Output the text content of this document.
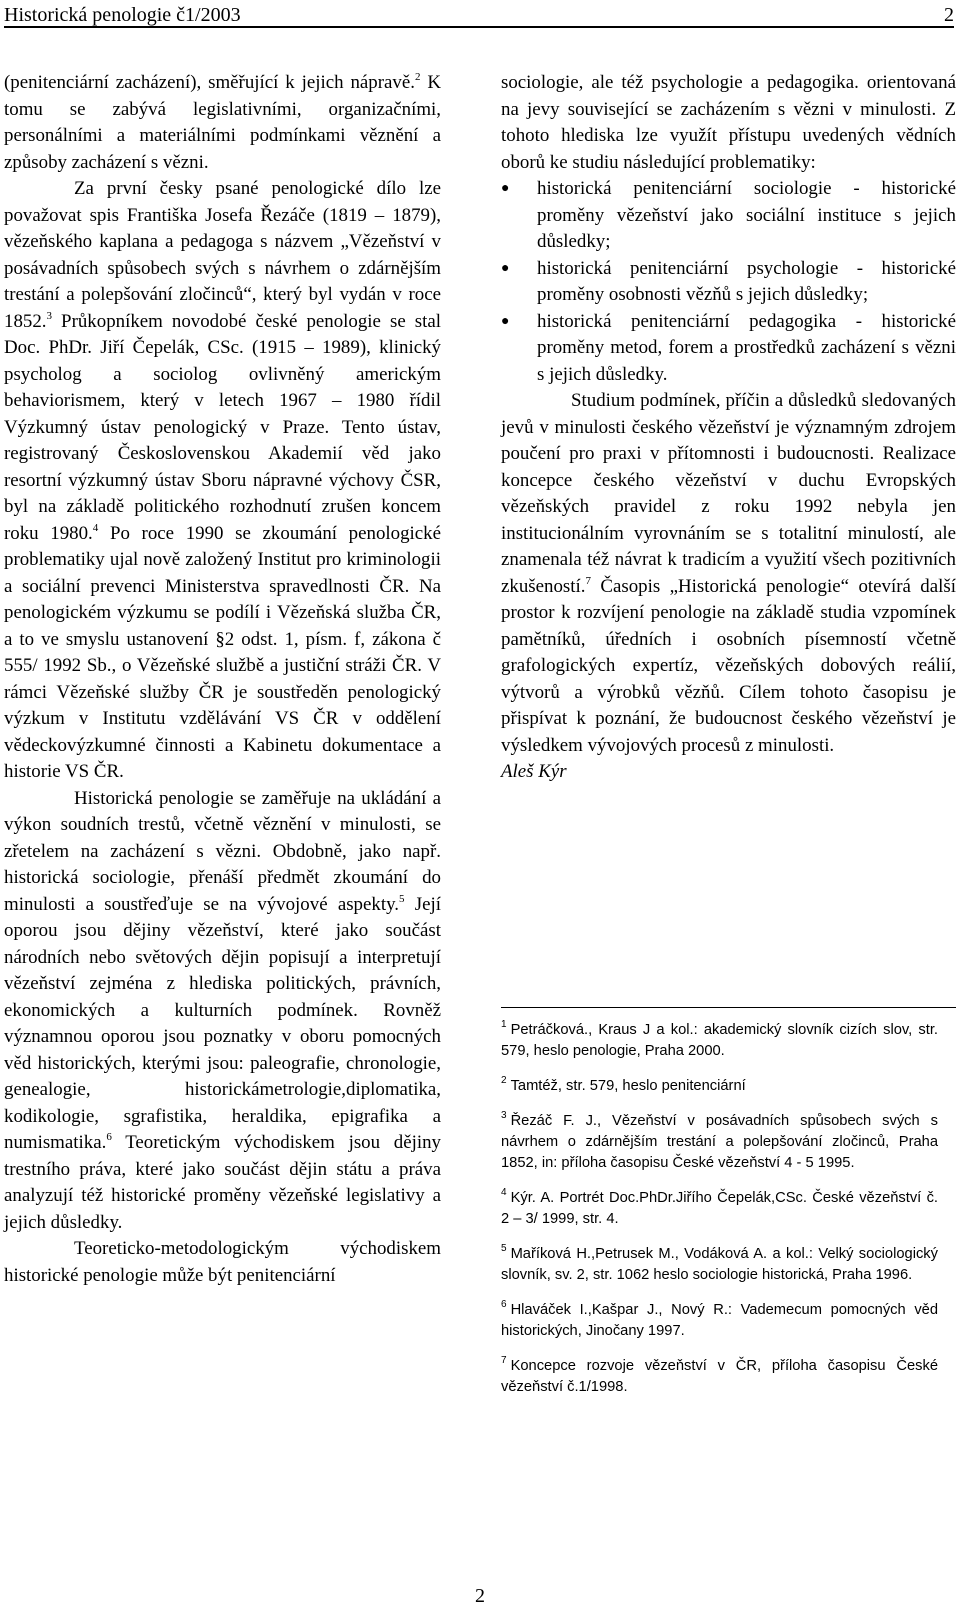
Historická penologie č1/2003	2

(penitenciární zacházení), směřující k jejich nápravě.$^2$ K tomu se zabývá legislativními, organizačními, personálními a materiálními podmínkami věznění a způsoby zacházení s vězni.

Za první česky psané penologické dílo lze považovat spis Františka Josefa Řezáče (1819 – 1879), vězeňského kaplana a pedagoga s názvem „Vězeňství v posávadních spůsobech svých s návrhem o zdárnějším trestání a polepšování zločinců“, který byl vydán v roce 1852.$^3$ Průkopníkem novodobé české penologie se stal Doc. PhDr. Jiří Čepelák, CSc. (1915 – 1989), klinický psycholog a sociolog ovlivněný americkým behaviorismem, který v letech 1967 – 1980 řídil Výzkumný ústav penologický v Praze. Tento ústav, registrovaný Československou Akademií věd jako resortní výzkumný ústav Sboru nápravné výchovy ČSR, byl na základě politického rozhodnutí zrušen koncem roku 1980.$^4$ Po roce 1990 se zkoumání penologické problematiky ujal nově založený Institut pro kriminologii a sociální prevenci Ministerstva spravedlnosti ČR. Na penologickém výzkumu se podílí i Vězeňská služba ČR, a to ve smyslu ustanovení §2 odst. 1, písm. f, zákona č 555/ 1992 Sb., o Vězeňské službě a justiční stráži ČR. V rámci Vězeňské služby ČR je soustředěn penologický výzkum v Institutu vzdělávání VS ČR v oddělení vědeckovýzkumné činnosti a Kabinetu dokumentace a historie VS ČR.

Historická penologie se zaměřuje na ukládání a výkon soudních trestů, včetně věznění v minulosti, se zřetelem na zacházení s vězni. Obdobně, jako např. historická sociologie, přenáší předmět zkoumání do minulosti a soustřeďuje se na vývojové aspekty.$^5$ Její oporou jsou dějiny vězeňství, které jako součást národních nebo světových dějin popisují a interpretují vězeňství zejména z hlediska politických, právních, ekonomických a kulturních podmínek. Rovněž významnou oporou jsou poznatky v oboru pomocných věd historických, kterými jsou: paleografie, chronologie, genealogie, historickámetrologie,diplomatika, kodikologie, sgrafistika, heraldika, epigrafika a numismatika.$^6$ Teoretickým východiskem jsou dějiny trestního práva, které jako součást dějin státu a práva analyzují též historické proměny vězeňské legislativy a jejich důsledky.

Teoreticko-metodologickým východiskem historické penologie může být penitenciární

sociologie, ale též psychologie a pedagogika. orientovaná na jevy související se zacházením s vězni v minulosti. Z tohoto hlediska lze využít přístupu uvedených vědních oborů ke studiu následující problematiky:

● historická penitenciární sociologie - historické proměny vězeňství jako sociální instituce s jejich důsledky;
● historická penitenciární psychologie - historické proměny osobnosti vězňů s jejich důsledky;
● historická penitenciární pedagogika - historické proměny metod, forem a prostředků zacházení s vězni s jejich důsledky.

Studium podmínek, příčin a důsledků sledovaných jevů v minulosti českého vězeňství je významným zdrojem poučení pro praxi v přítomnosti i budoucnosti. Realizace koncepce českého vězeňství v duchu Evropských vězeňských pravidel z roku 1992 nebyla jen institucionálním vyrovnáním se s totalitní minulostí, ale znamenala též návrat k tradicím a využití všech pozitivních zkušeností.$^7$ Časopis „Historická penologie“ otevírá další prostor k rozvíjení penologie na základě studia vzpomínek pamětníků, úředních i osobních písemností včetně grafologických expertíz, vězeňských dobových reálií, výtvorů a výrobků vězňů. Cílem tohoto časopisu je přispívat k poznání, že budoucnost českého vězeňství je výsledkem vývojových procesů z minulosti.

Aleš Kýr

$^1$ Petráčková., Kraus J a kol.: akademický slovník cizích slov, str. 579, heslo penologie, Praha 2000.
$^2$ Tamtéž, str. 579, heslo penitenciární
$^3$ Řezáč F. J., Vězeňství v posávadních spůsobech svých s návrhem o zdárnějším trestání a polepšování zločinců, Praha 1852, in: příloha časopisu České vězeňství 4 - 5 1995.
$^4$ Kýr. A. Portrét Doc.PhDr.Jiřího Čepelák,CSc. České vězeňství č. 2 – 3/ 1999, str. 4.
$^5$ Maříková H.,Petrusek M., Vodáková A. a kol.: Velký sociologický slovník, sv. 2, str. 1062 heslo sociologie historická, Praha 1996.
$^6$ Hlaváček I.,Kašpar J., Nový R.: Vademecum pomocných věd historických, Jinočany 1997.
$^7$ Koncepce rozvoje vězeňství v ČR, příloha časopisu České vězeňství č.1/1998.
2
